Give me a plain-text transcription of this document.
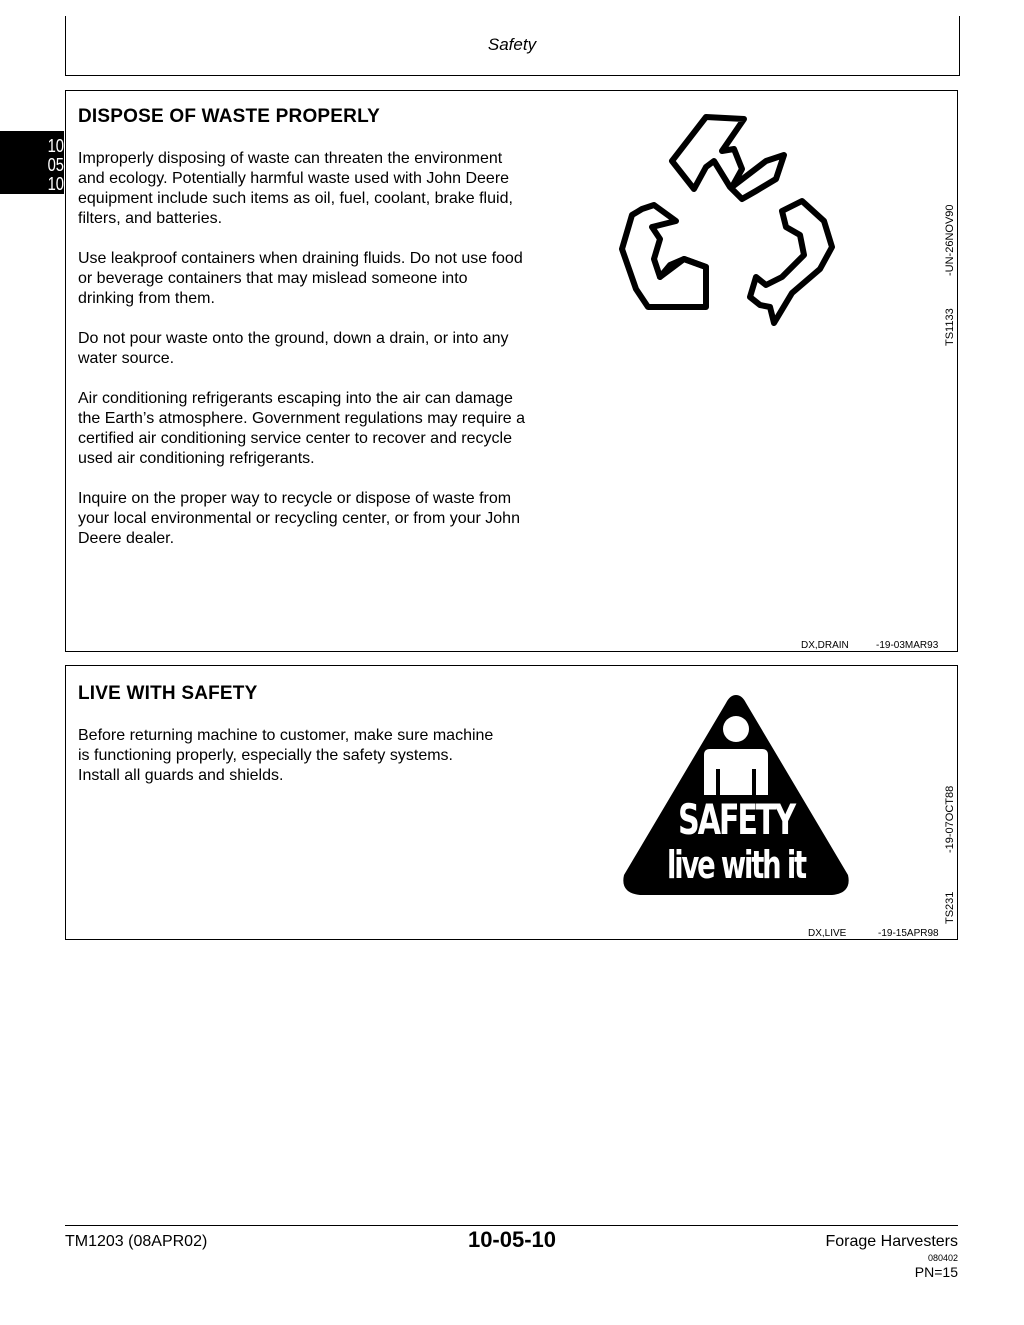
Safety
10
05
10
DISPOSE OF WASTE PROPERLY

Improperly disposing of waste can threaten the environment and ecology. Potentially harmful waste used with John Deere equipment include such items as oil, fuel, coolant, brake fluid, filters, and batteries.

Use leakproof containers when draining fluids. Do not use food or beverage containers that may mislead someone into drinking from them.

Do not pour waste onto the ground, down a drain, or into any water source.

Air conditioning refrigerants escaping into the air can damage the Earth’s atmosphere. Government regulations may require a certified air conditioning service center to recover and recycle used air conditioning refrigerants.

Inquire on the proper way to recycle or dispose of waste from your local environmental or recycling center, or from your John Deere dealer.

TS1133
-UN-26NOV90
DX,DRAIN	-19-03MAR93
LIVE WITH SAFETY

Before returning machine to customer, make sure machine is functioning properly, especially the safety systems. Install all guards and shields.

SAFETY
live with it
TS231
-19-07OCT88
DX,LIVE	-19-15APR98
TM1203 (08APR02)	10-05-10	Forage Harvesters
080402
PN=15
